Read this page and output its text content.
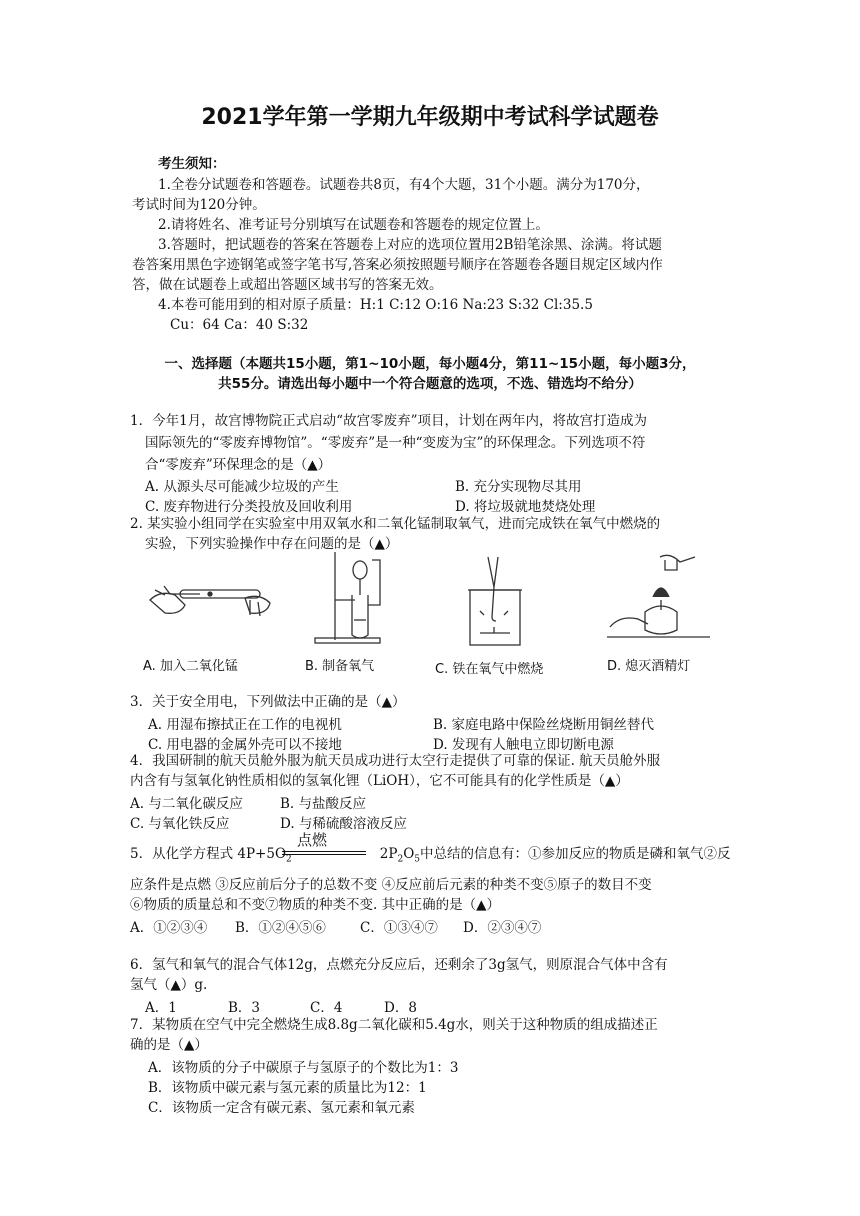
2021学年第一学期九年级期中考试科学试题卷
考生须知：
1.全卷分试题卷和答题卷。试题卷共8页，有4个大题，31个小题。满分为170分，
考试时间为120分钟。
2.请将姓名、准考证号分别填写在试题卷和答题卷的规定位置上。
3.答题时，把试题卷的答案在答题卷上对应的选项位置用2B铅笔涂黑、涂满。将试题
卷答案用黑色字迹钢笔或签字笔书写,答案必须按照题号顺序在答题卷各题目规定区域内作
答，做在试题卷上或超出答题区域书写的答案无效。
4.本卷可能用到的相对原子质量：H:1 C:12 O:16 Na:23 S:32 Cl:35.5
Cu：64 Ca：40 S:32
一、选择题（本题共15小题，第1~10小题，每小题4分，第11~15小题，每小题3分，
共55分。请选出每小题中一个符合题意的选项，不选、错选均不给分）
1．今年1月，故宫博物院正式启动“故宫零废弃”项目，计划在两年内，将故宫打造成为
国际领先的“零废弃博物馆”。“零废弃”是一种“变废为宝”的环保理念。下列选项不符
合“零废弃”环保理念的是（▲）
A. 从源头尽可能减少垃圾的产生	B. 充分实现物尽其用
C. 废弃物进行分类投放及回收利用	D. 将垃圾就地焚烧处理
2. 某实验小组同学在实验室中用双氧水和二氧化锰制取氧气，进而完成铁在氧气中燃烧的
实验，下列实验操作中存在问题的是（▲）
A. 加入二氧化锰	B. 制备氧气	C. 铁在氧气中燃烧	D. 熄灭酒精灯
3．关于安全用电，下列做法中正确的是（▲）
A. 用湿布擦拭正在工作的电视机	B. 家庭电路中保险丝烧断用铜丝替代
C. 用电器的金属外壳可以不接地	D. 发现有人触电立即切断电源
4．我国研制的航天员舱外服为航天员成功进行太空行走提供了可靠的保证. 航天员舱外服
内含有与氢氧化钠性质相似的氢氧化锂（LiOH），它不可能具有的化学性质是（▲）
A. 与二氧化碳反应	B. 与盐酸反应
C. 与氧化铁反应	D. 与稀硫酸溶液反应
5．从化学方程式 $4P+5O_2$	$2P_2O_5$中总结的信息有：①参加反应的物质是磷和氧气②反
点燃
应条件是点燃 ③反应前后分子的总数不变 ④反应前后元素的种类不变⑤原子的数目不变
⑥物质的质量总和不变⑦物质的种类不变. 其中正确的是（▲）
A．①②③④ B．①②④⑤⑥	C．①③④⑦ D．②③④⑦
6．氢气和氧气的混合气体12g，点燃充分反应后，还剩余了3g氢气，则原混合气体中含有
氢气（▲）g.
A．1	B．3	C．4	D．8
7．某物质在空气中完全燃烧生成8.8g二氧化碳和5.4g水，则关于这种物质的组成描述正
确的是（▲）
A．该物质的分子中碳原子与氢原子的个数比为1：3
B．该物质中碳元素与氢元素的质量比为12：1
C．该物质一定含有碳元素、氢元素和氧元素
